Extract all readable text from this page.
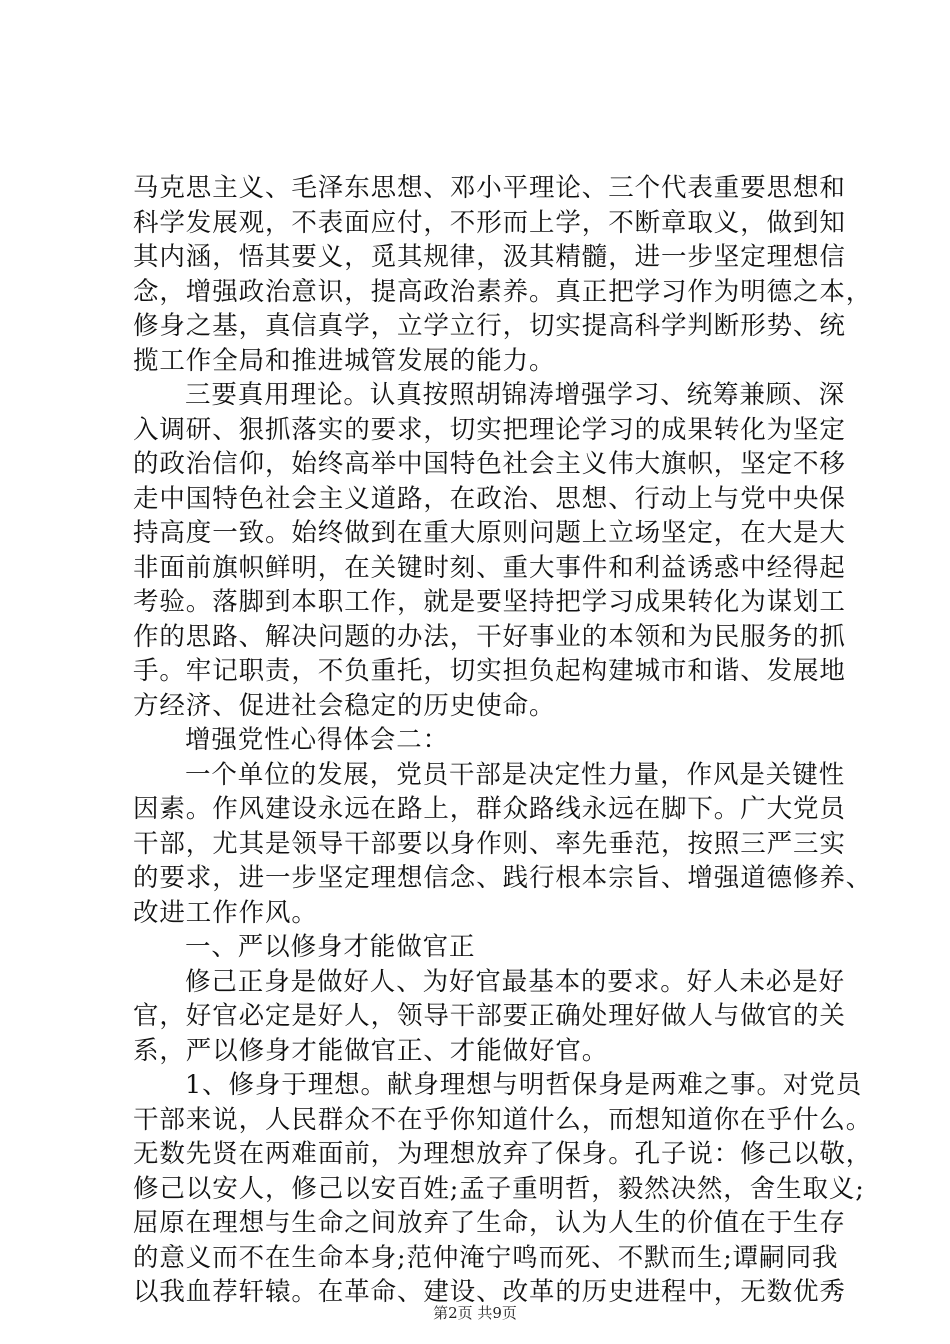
马克思主义、毛泽东思想、邓小平理论、三个代表重要思想和
科学发展观，不表面应付，不形而上学，不断章取义，做到知
其内涵，悟其要义，觅其规律，汲其精髓，进一步坚定理想信
念，增强政治意识，提高政治素养。真正把学习作为明德之本，
修身之基，真信真学，立学立行，切实提高科学判断形势、统
揽工作全局和推进城管发展的能力。
三要真用理论。认真按照胡锦涛增强学习、统筹兼顾、深
入调研、狠抓落实的要求，切实把理论学习的成果转化为坚定
的政治信仰，始终高举中国特色社会主义伟大旗帜，坚定不移
走中国特色社会主义道路，在政治、思想、行动上与党中央保
持高度一致。始终做到在重大原则问题上立场坚定，在大是大
非面前旗帜鲜明，在关键时刻、重大事件和利益诱惑中经得起
考验。落脚到本职工作，就是要坚持把学习成果转化为谋划工
作的思路、解决问题的办法，干好事业的本领和为民服务的抓
手。牢记职责，不负重托，切实担负起构建城市和谐、发展地
方经济、促进社会稳定的历史使命。
增强党性心得体会二：
一个单位的发展，党员干部是决定性力量，作风是关键性
因素。作风建设永远在路上，群众路线永远在脚下。广大党员
干部，尤其是领导干部要以身作则、率先垂范，按照三严三实
的要求，进一步坚定理想信念、践行根本宗旨、增强道德修养、
改进工作作风。
一、严以修身才能做官正
修己正身是做好人、为好官最基本的要求。好人未必是好
官，好官必定是好人，领导干部要正确处理好做人与做官的关
系，严以修身才能做官正、才能做好官。
1、修身于理想。献身理想与明哲保身是两难之事。对党员
干部来说，人民群众不在乎你知道什么，而想知道你在乎什么。
无数先贤在两难面前，为理想放弃了保身。孔子说：修己以敬，
修己以安人，修己以安百姓;孟子重明哲，毅然决然，舍生取义;
屈原在理想与生命之间放弃了生命，认为人生的价值在于生存
的意义而不在生命本身;范仲淹宁鸣而死、不默而生;谭嗣同我
以我血荐轩辕。在革命、建设、改革的历史进程中，无数优秀
第2页 共9页
